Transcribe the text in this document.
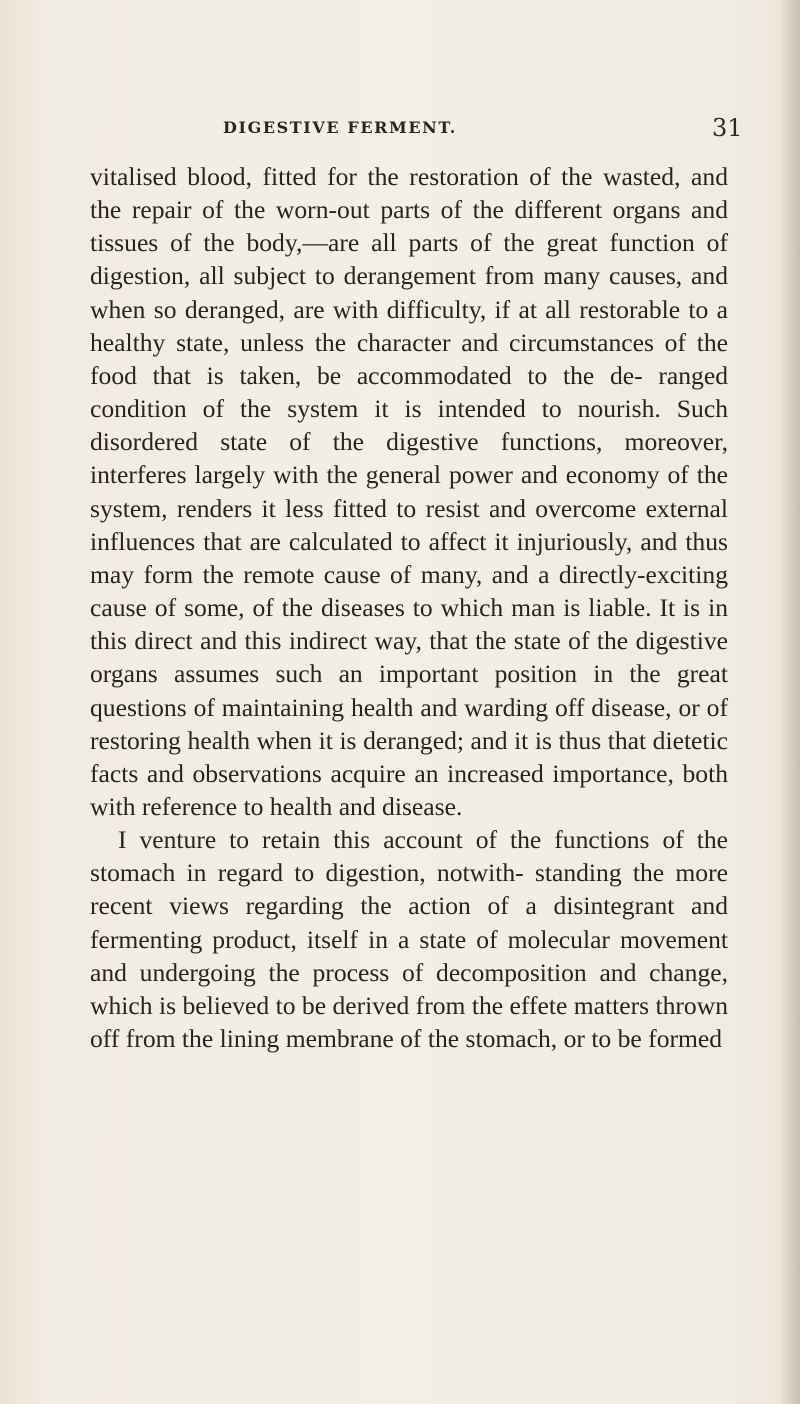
DIGESTIVE FERMENT.	31

vitalised blood, fitted for the restoration of the wasted, and the repair of the worn-out parts of the different organs and tissues of the body,—are all parts of the great function of digestion, all subject to derangement from many causes, and when so deranged, are with difficulty, if at all restorable to a healthy state, unless the character and circumstances of the food that is taken, be accommodated to the de- ranged condition of the system it is intended to nourish. Such disordered state of the digestive functions, moreover, interferes largely with the general power and economy of the system, renders it less fitted to resist and overcome external influences that are calculated to affect it injuriously, and thus may form the remote cause of many, and a directly-exciting cause of some, of the diseases to which man is liable. It is in this direct and this indirect way, that the state of the digestive organs assumes such an important position in the great questions of maintaining health and warding off disease, or of restoring health when it is deranged; and it is thus that dietetic facts and observations acquire an increased importance, both with reference to health and disease.

I venture to retain this account of the functions of the stomach in regard to digestion, notwith- standing the more recent views regarding the action of a disintegrant and fermenting product, itself in a state of molecular movement and undergoing the process of decomposition and change, which is believed to be derived from the effete matters thrown off from the lining membrane of the stomach, or to be formed
